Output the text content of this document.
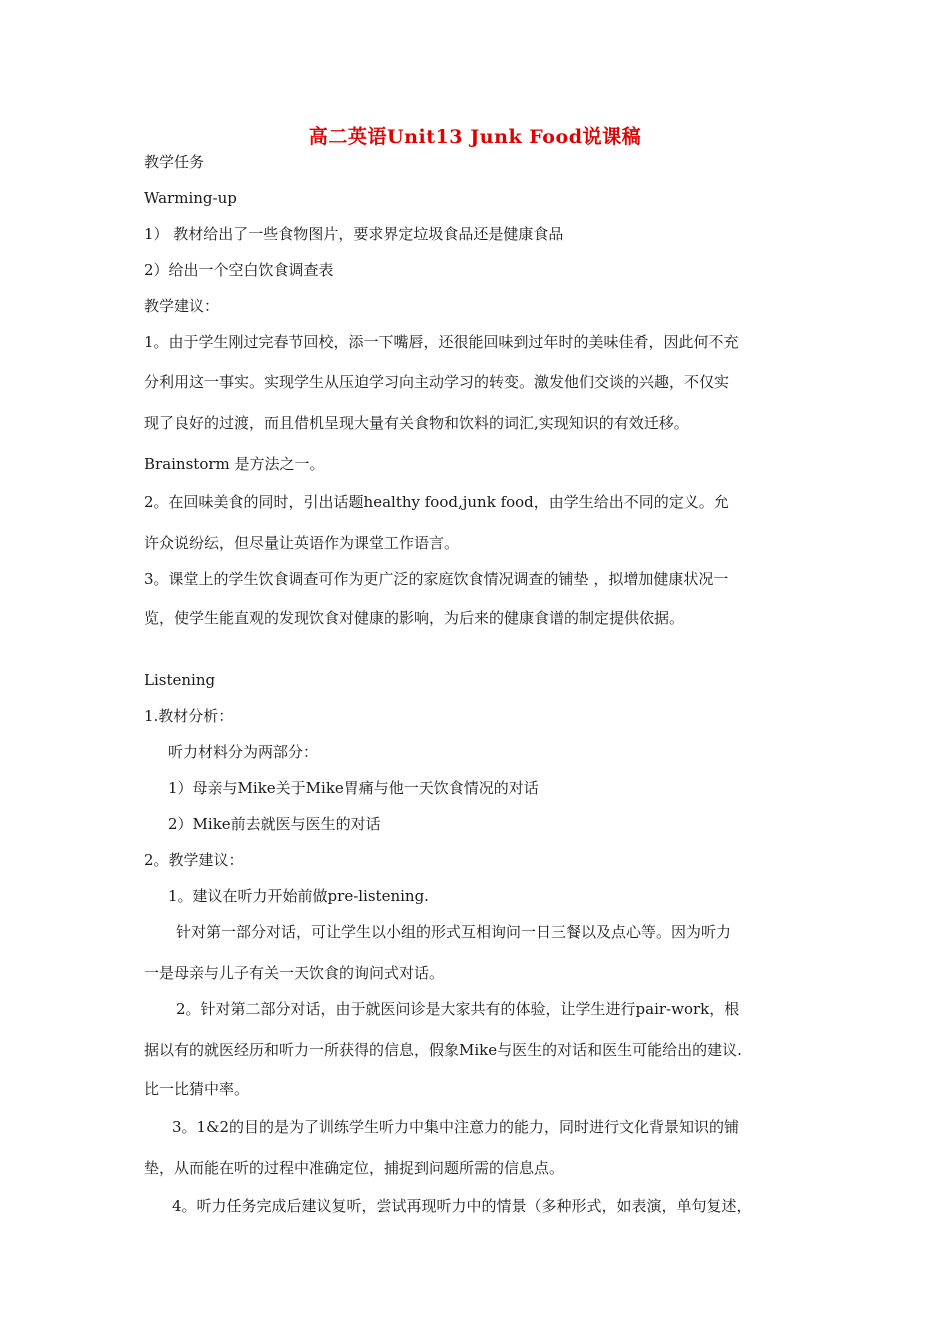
高二英语Unit13 Junk Food说课稿
教学任务
Warming-up
1） 教材给出了一些食物图片，要求界定垃圾食品还是健康食品
2）给出一个空白饮食调查表
教学建议：
1。由于学生刚过完春节回校，添一下嘴唇，还很能回味到过年时的美味佳肴，因此何不充
分利用这一事实。实现学生从压迫学习向主动学习的转变。激发他们交谈的兴趣，不仅实
现了良好的过渡，而且借机呈现大量有关食物和饮料的词汇,实现知识的有效迁移。
Brainstorm 是方法之一。
2。在回味美食的同时，引出话题healthy food,junk food，由学生给出不同的定义。允
许众说纷纭，但尽量让英语作为课堂工作语言。
3。课堂上的学生饮食调查可作为更广泛的家庭饮食情况调查的铺垫 ，拟增加健康状况一
览，使学生能直观的发现饮食对健康的影响，为后来的健康食谱的制定提供依据。
Listening
1.教材分析：
听力材料分为两部分：
1）母亲与Mike关于Mike胃痛与他一天饮食情况的对话
2）Mike前去就医与医生的对话
2。教学建议：
1。建议在听力开始前做pre-listening.
针对第一部分对话，可让学生以小组的形式互相询问一日三餐以及点心等。因为听力
一是母亲与儿子有关一天饮食的询问式对话。
2。针对第二部分对话，由于就医问诊是大家共有的体验，让学生进行pair-work，根
据以有的就医经历和听力一所获得的信息，假象Mike与医生的对话和医生可能给出的建议.
比一比猜中率。
3。1&2的目的是为了训练学生听力中集中注意力的能力，同时进行文化背景知识的铺
垫，从而能在听的过程中准确定位，捕捉到问题所需的信息点。
4。听力任务完成后建议复听，尝试再现听力中的情景（多种形式，如表演，单句复述，
